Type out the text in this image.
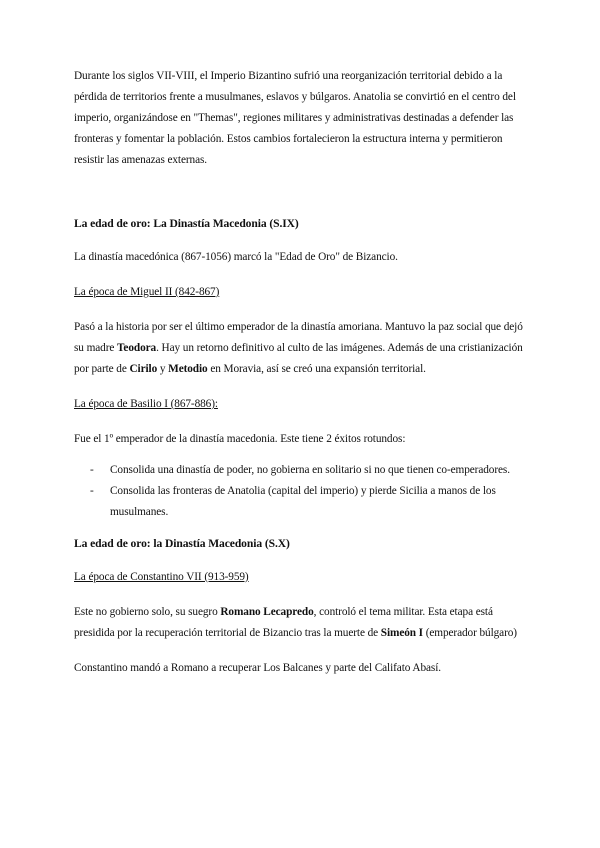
Durante los siglos VII-VIII, el Imperio Bizantino sufrió una reorganización territorial debido a la pérdida de territorios frente a musulmanes, eslavos y búlgaros. Anatolia se convirtió en el centro del imperio, organizándose en "Themas", regiones militares y administrativas destinadas a defender las fronteras y fomentar la población. Estos cambios fortalecieron la estructura interna y permitieron resistir las amenazas externas.

La edad de oro: La Dinastía Macedonia (S.IX)

La dinastía macedónica (867-1056) marcó la "Edad de Oro" de Bizancio.

La época de Miguel II (842-867)

Pasó a la historia por ser el último emperador de la dinastía amoriana. Mantuvo la paz social que dejó su madre Teodora. Hay un retorno definitivo al culto de las imágenes. Además de una cristianización por parte de Cirilo y Metodio en Moravia, así se creó una expansión territorial.

La época de Basilio I (867-886):

Fue el 1º emperador de la dinastía macedonia. Este tiene 2 éxitos rotundos:

- Consolida una dinastía de poder, no gobierna en solitario si no que tienen co-emperadores.
- Consolida las fronteras de Anatolia (capital del imperio) y pierde Sicilia a manos de los musulmanes.
La edad de oro: la Dinastía Macedonia (S.X)

La época de Constantino VII (913-959)

Este no gobierno solo, su suegro Romano Lecapredo, controló el tema militar. Esta etapa está presidida por la recuperación territorial de Bizancio tras la muerte de Simeón I (emperador búlgaro)

Constantino mandó a Romano a recuperar Los Balcanes y parte del Califato Abasí.
